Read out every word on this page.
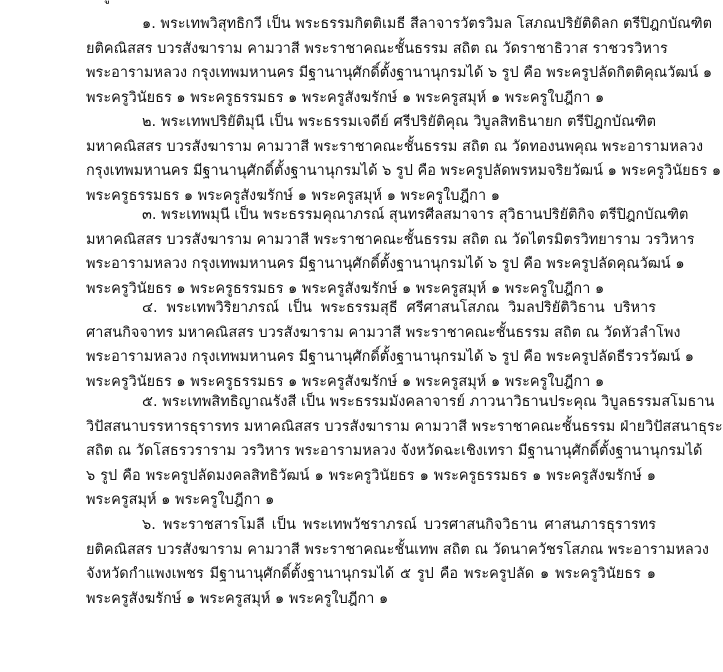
๑. พระเทพวิสุทธิกวี เป็น พระธรรมกิตติเมธี สีลาจารวัตรวิมล โสภณปริยัติดิลก ตรีปิฎกบัณฑิต
ยติคณิสสร บวรสังฆาราม คามวาสี พระราชาคณะชั้นธรรม สถิต ณ วัดราชาธิวาส ราชวรวิหาร
พระอารามหลวง กรุงเทพมหานคร มีฐานานุศักดิ์ตั้งฐานานุกรมได้ ๖ รูป คือ พระครูปลัดกิตติคุณวัฒน์ ๑
พระครูวินัยธร ๑ พระครูธรรมธร ๑ พระครูสังฆรักษ์ ๑ พระครูสมุห์ ๑ พระครูใบฎีกา ๑
๒. พระเทพปริยัติมุนี เป็น พระธรรมเจดีย์ ศรีปริยัติคุณ วิบูลสิทธินายก ตรีปิฎกบัณฑิต
มหาคณิสสร บวรสังฆาราม คามวาสี พระราชาคณะชั้นธรรม สถิต ณ วัดทองนพคุณ พระอารามหลวง
กรุงเทพมหานคร มีฐานานุศักดิ์ตั้งฐานานุกรมได้ ๖ รูป คือ พระครูปลัดพรหมจริยวัฒน์ ๑ พระครูวินัยธร ๑
พระครูธรรมธร ๑ พระครูสังฆรักษ์ ๑ พระครูสมุห์ ๑ พระครูใบฎีกา ๑
๓. พระเทพมุนี เป็น พระธรรมคุณาภรณ์ สุนทรศีลสมาจาร สุวิธานปริยัติกิจ ตรีปิฎกบัณฑิต
มหาคณิสสร บวรสังฆาราม คามวาสี พระราชาคณะชั้นธรรม สถิต ณ วัดไตรมิตรวิทยาราม วรวิหาร
พระอารามหลวง กรุงเทพมหานคร มีฐานานุศักดิ์ตั้งฐานานุกรมได้ ๖ รูป คือ พระครูปลัดคุณวัฒน์ ๑
พระครูวินัยธร ๑ พระครูธรรมธร ๑ พระครูสังฆรักษ์ ๑ พระครูสมุห์ ๑ พระครูใบฎีกา ๑
๔. พระเทพวิริยาภรณ์ เป็น พระธรรมสุธี ศรีศาสนโสภณ วิมลปริยัติวิธาน บริหาร
ศาสนกิจจาทร มหาคณิสสร บวรสังฆาราม คามวาสี พระราชาคณะชั้นธรรม สถิต ณ วัดหัวลำโพง
พระอารามหลวง กรุงเทพมหานคร มีฐานานุศักดิ์ตั้งฐานานุกรมได้ ๖ รูป คือ พระครูปลัดธีรวรวัฒน์ ๑
พระครูวินัยธร ๑ พระครูธรรมธร ๑ พระครูสังฆรักษ์ ๑ พระครูสมุห์ ๑ พระครูใบฎีกา ๑
๕. พระเทพสิทธิญาณรังสี เป็น พระธรรมมังคลาจารย์ ภาวนาวิธานประคุณ วิบูลธรรมสโมธาน
วิปัสสนาบรรหารธุรารทร มหาคณิสสร บวรสังฆาราม คามวาสี พระราชาคณะชั้นธรรม ฝ่ายวิปัสสนาธุระ
สถิต ณ วัดโสธรวราราม วรวิหาร พระอารามหลวง จังหวัดฉะเชิงเทรา มีฐานานุศักดิ์ตั้งฐานานุกรมได้
๖ รูป คือ พระครูปลัดมงคลสิทธิวัฒน์ ๑ พระครูวินัยธร ๑ พระครูธรรมธร ๑ พระครูสังฆรักษ์ ๑
พระครูสมุห์ ๑ พระครูใบฎีกา ๑
๖. พระราชสารโมลี เป็น พระเทพวัชราภรณ์ บวรศาสนกิจวิธาน ศาสนภารธุรารทร
ยติคณิสสร บวรสังฆาราม คามวาสี พระราชาคณะชั้นเทพ สถิต ณ วัดนาควัชรโสภณ พระอารามหลวง
จังหวัดกำแพงเพชร มีฐานานุศักดิ์ตั้งฐานานุกรมได้ ๕ รูป คือ พระครูปลัด ๑ พระครูวินัยธร ๑
พระครูสังฆรักษ์ ๑ พระครูสมุห์ ๑ พระครูใบฎีกา ๑
